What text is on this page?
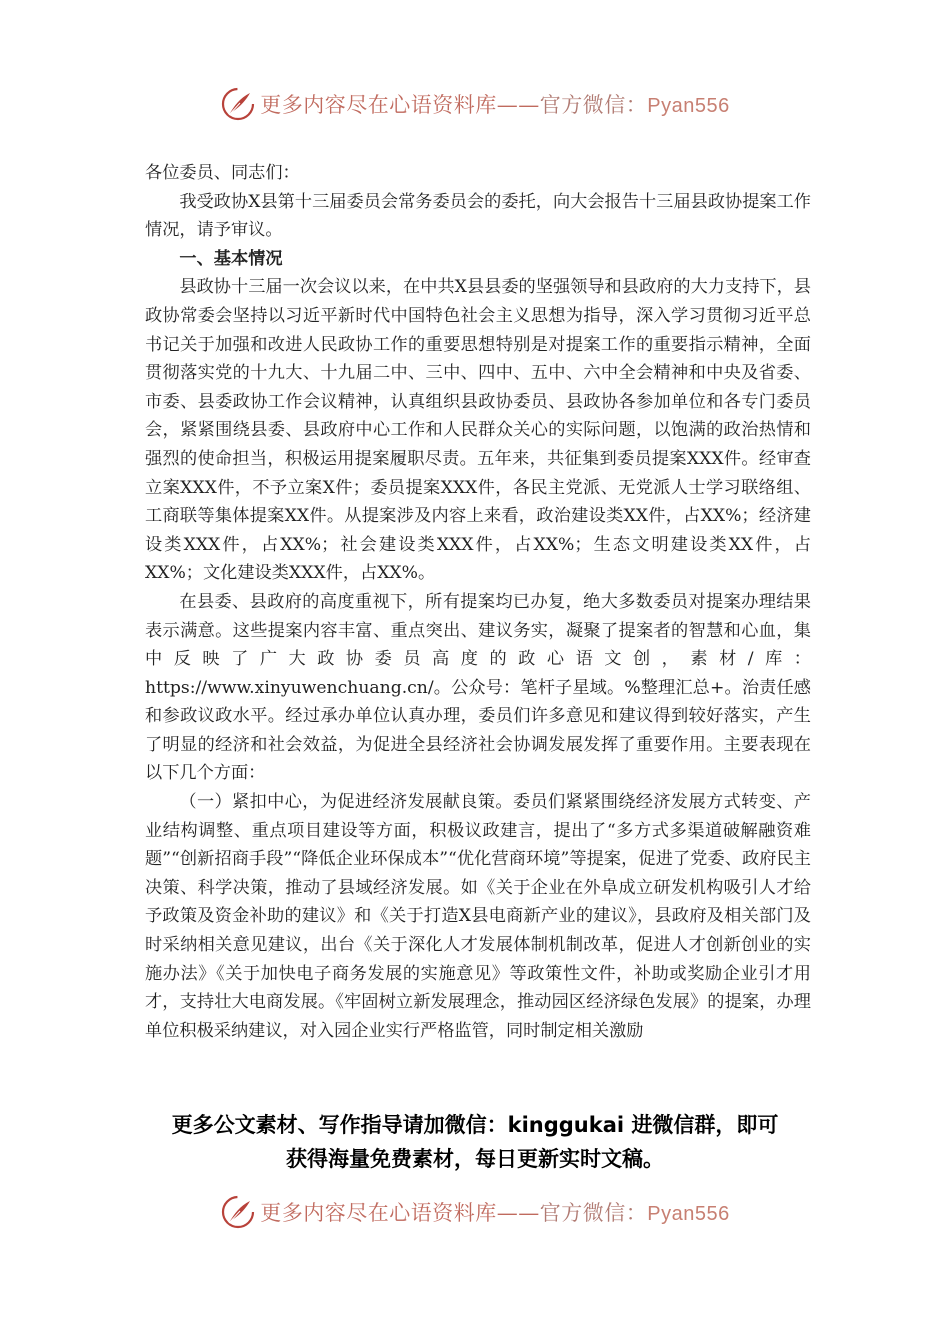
更多内容尽在心语资料库——官方微信：Pyan556

各位委员、同志们：

我受政协X县第十三届委员会常务委员会的委托，向大会报告十三届县政协提案工作情况，请予审议。

一、基本情况

县政协十三届一次会议以来，在中共X县县委的坚强领导和县政府的大力支持下，县政协常委会坚持以习近平新时代中国特色社会主义思想为指导，深入学习贯彻习近平总书记关于加强和改进人民政协工作的重要思想特别是对提案工作的重要指示精神，全面贯彻落实党的十九大、十九届二中、三中、四中、五中、六中全会精神和中央及省委、市委、县委政协工作会议精神，认真组织县政协委员、县政协各参加单位和各专门委员会，紧紧围绕县委、县政府中心工作和人民群众关心的实际问题，以饱满的政治热情和强烈的使命担当，积极运用提案履职尽责。五年来，共征集到委员提案XXX件。经审查立案XXX件，不予立案X件；委员提案XXX件，各民主党派、无党派人士学习联络组、工商联等集体提案XX件。从提案涉及内容上来看，政治建设类XX件，占XX%；经济建设类XXX件，占XX%；社会建设类XXX件，占XX%；生态文明建设类XX件，占XX%；文化建设类XXX件，占XX%。

在县委、县政府的高度重视下，所有提案均已办复，绝大多数委员对提案办理结果表示满意。这些提案内容丰富、重点突出、建议务实，凝聚了提案者的智慧和心血，集中反映了广大政协委员高度的政心语文创，素材/库：https://www.xinyuwenchuang.cn/。公众号：笔杆子星域。%整理汇总+。治责任感和参政议政水平。经过承办单位认真办理，委员们许多意见和建议得到较好落实，产生了明显的经济和社会效益，为促进全县经济社会协调发展发挥了重要作用。主要表现在以下几个方面：

（一）紧扣中心，为促进经济发展献良策。委员们紧紧围绕经济发展方式转变、产业结构调整、重点项目建设等方面，积极议政建言，提出了“多方式多渠道破解融资难题”“创新招商手段”“降低企业环保成本”“优化营商环境”等提案，促进了党委、政府民主决策、科学决策，推动了县域经济发展。如《关于企业在外阜成立研发机构吸引人才给予政策及资金补助的建议》和《关于打造X县电商新产业的建议》，县政府及相关部门及时采纳相关意见建议，出台《关于深化人才发展体制机制改革，促进人才创新创业的实施办法》《关于加快电子商务发展的实施意见》等政策性文件，补助或奖励企业引才用才，支持壮大电商发展。《牢固树立新发展理念，推动园区经济绿色发展》的提案，办理单位积极采纳建议，对入园企业实行严格监管，同时制定相关激励

更多公文素材、写作指导请加微信：kinggukai 进微信群，即可
获得海量免费素材，每日更新实时文稿。
更多内容尽在心语资料库——官方微信：Pyan556
